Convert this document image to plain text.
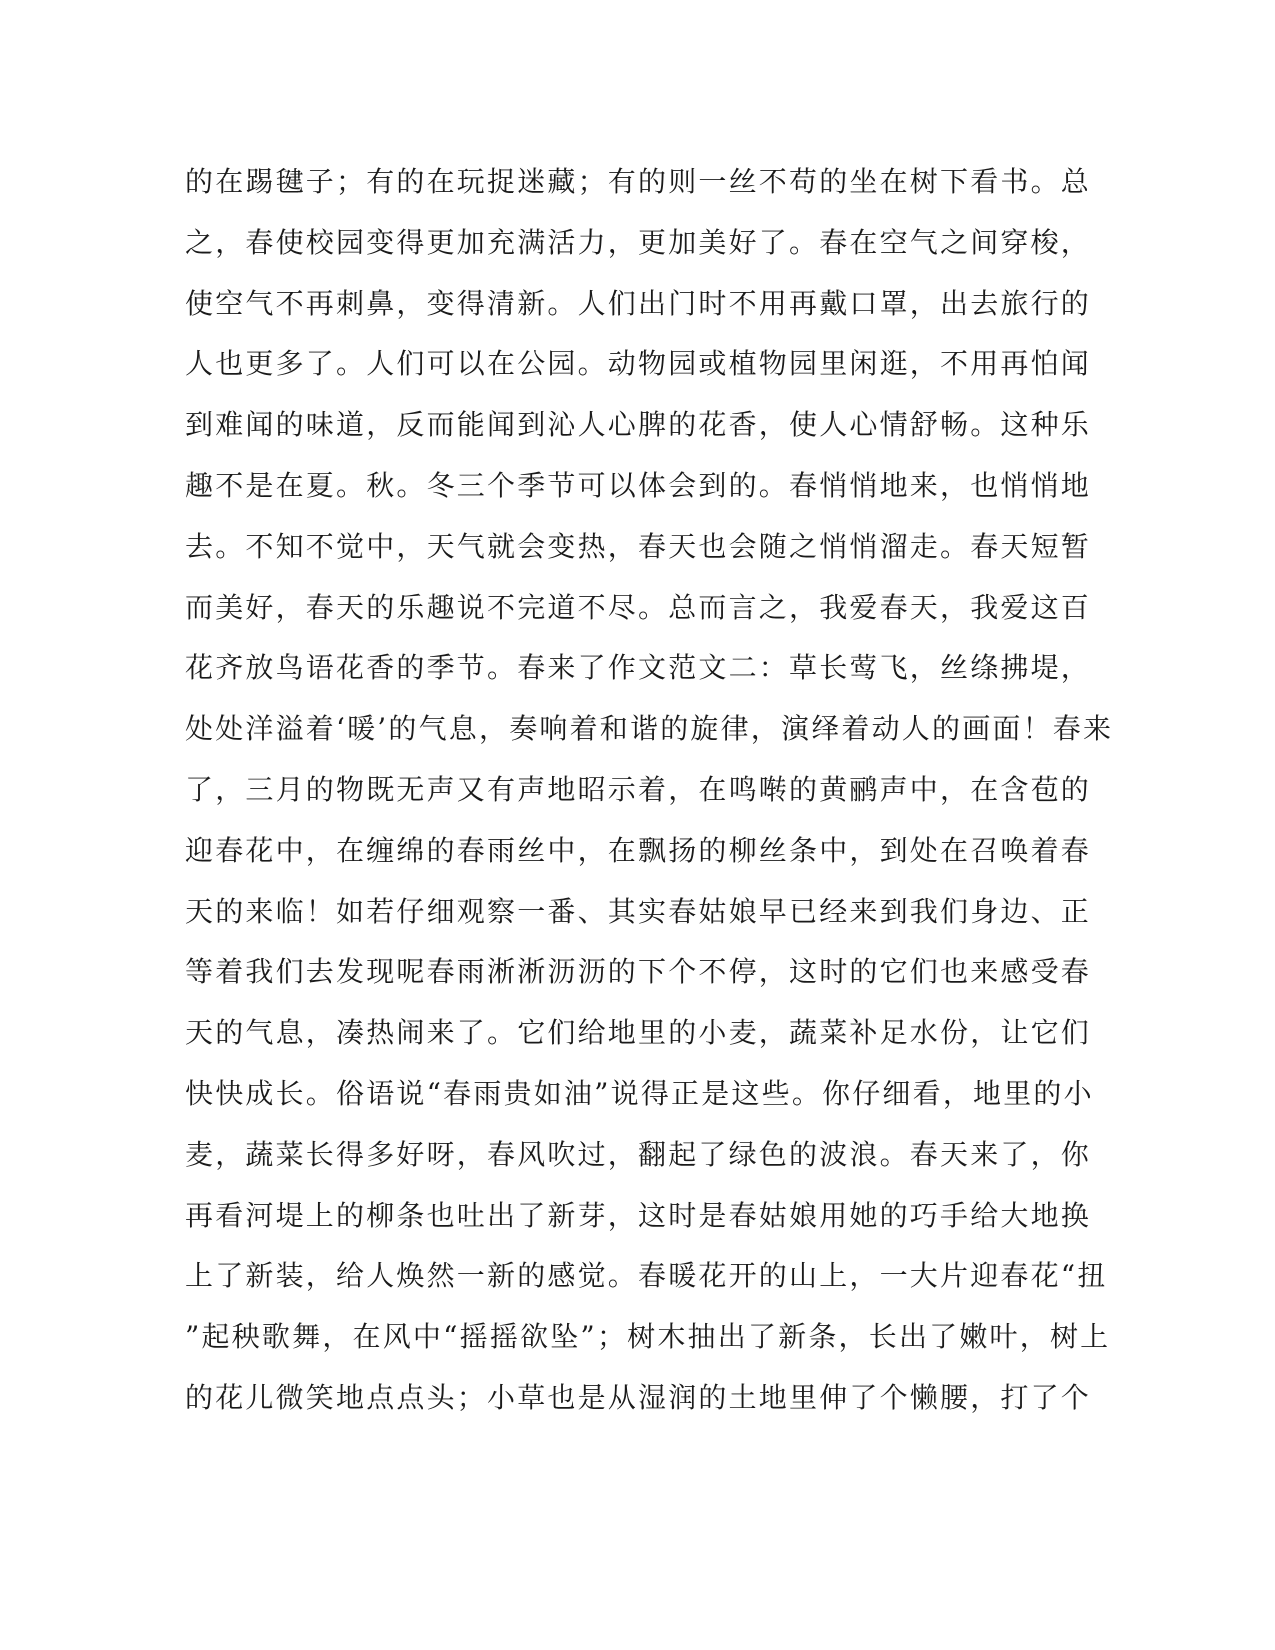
的在踢毽子；有的在玩捉迷藏；有的则一丝不苟的坐在树下看书。总
之，春使校园变得更加充满活力，更加美好了。春在空气之间穿梭，
使空气不再刺鼻，变得清新。人们出门时不用再戴口罩，出去旅行的
人也更多了。人们可以在公园。动物园或植物园里闲逛，不用再怕闻
到难闻的味道，反而能闻到沁人心脾的花香，使人心情舒畅。这种乐
趣不是在夏。秋。冬三个季节可以体会到的。春悄悄地来，也悄悄地
去。不知不觉中，天气就会变热，春天也会随之悄悄溜走。春天短暂
而美好，春天的乐趣说不完道不尽。总而言之，我爱春天，我爱这百
花齐放鸟语花香的季节。春来了作文范文二：草长莺飞，丝绦拂堤，
处处洋溢着‘暖’的气息，奏响着和谐的旋律，演绎着动人的画面！春来
了，三月的物既无声又有声地昭示着，在鸣啭的黄鹂声中，在含苞的
迎春花中，在缠绵的春雨丝中，在飘扬的柳丝条中，到处在召唤着春
天的来临！如若仔细观察一番、其实春姑娘早已经来到我们身边、正
等着我们去发现呢春雨淅淅沥沥的下个不停，这时的它们也来感受春
天的气息，凑热闹来了。它们给地里的小麦，蔬菜补足水份，让它们
快快成长。俗语说“春雨贵如油”说得正是这些。你仔细看，地里的小
麦，蔬菜长得多好呀，春风吹过，翻起了绿色的波浪。春天来了，你
再看河堤上的柳条也吐出了新芽，这时是春姑娘用她的巧手给大地换
上了新装，给人焕然一新的感觉。春暖花开的山上，一大片迎春花“扭
”起秧歌舞，在风中“摇摇欲坠”；树木抽出了新条，长出了嫩叶，树上
的花儿微笑地点点头；小草也是从湿润的土地里伸了个懒腰，打了个
